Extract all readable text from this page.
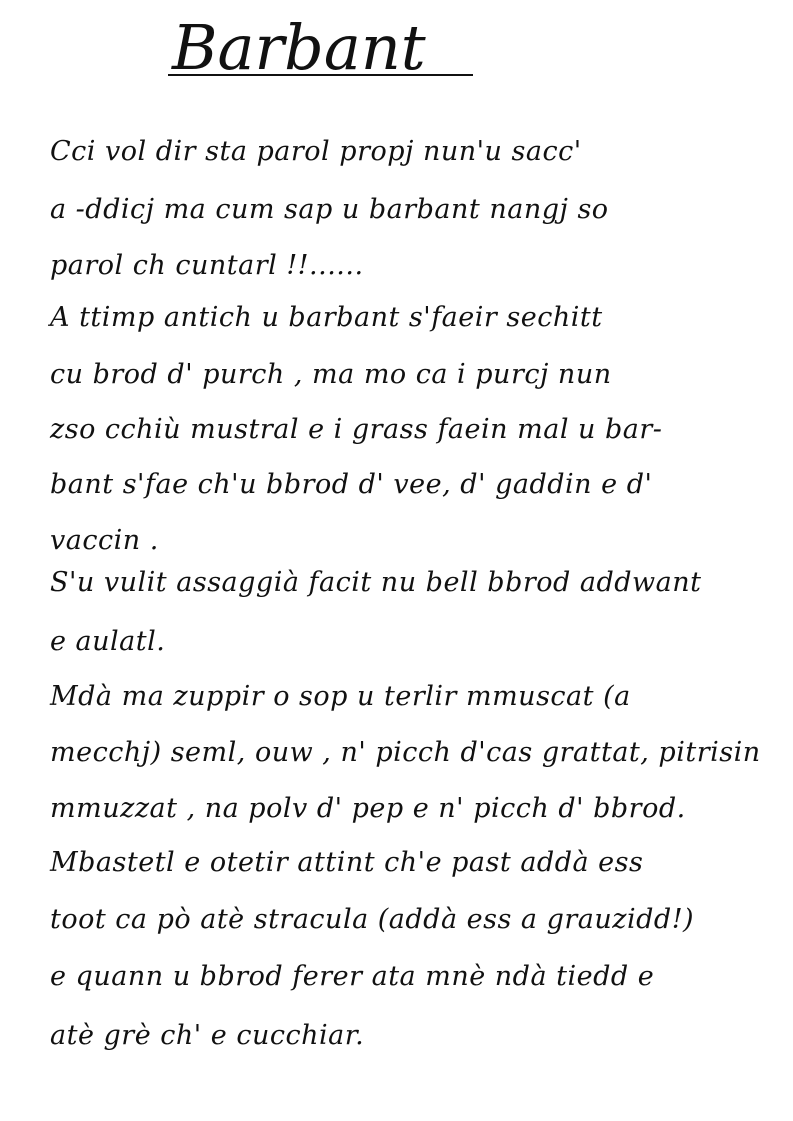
Barbant
Cci vol dir sta parol propj nun'u sacc'
a -ddicj ma cum sap u barbant nangj so
parol ch cuntarl !!......
A ttimp antich u barbant s'faeir sechitt
cu brod d' purch , ma mo ca i purcj nun
zso cchiù mustral e i grass faein mal u bar-
bant s'fae ch'u bbrod d' vee, d' gaddin e d'
vaccin .
S'u vulit assaggià facit nu bell bbrod addwant
e aulatl.
Mdà ma zuppir o sop u terlir mmuscat (a
mecchj) seml, ouw , n' picch d'cas grattat, pitrisin
mmuzzat , na polv d' pep e n' picch d' bbrod.
Mbastetl e otetir attint ch'e past addà ess
toot ca pò atè stracula (addà ess a grauzidd!)
e quann u bbrod ferer ata mnè ndà tiedd e
atè grè ch' e cucchiar.
